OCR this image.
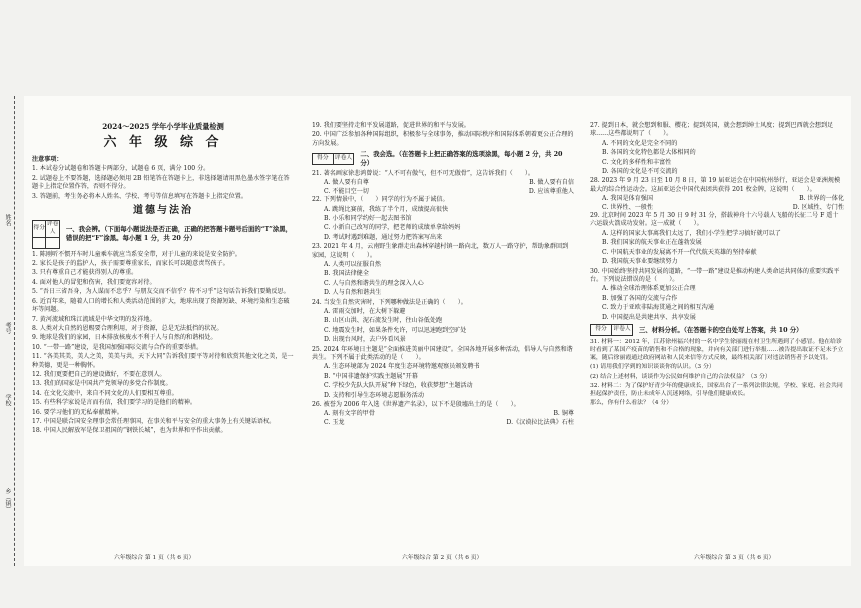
姓名
考号
学校
乡（镇）
2024～2025 学年小学毕业质量检测
六 年 级 综 合

注意事项：

1. 本试卷分试题卷和答题卡两部分，试题卷 6 页，满分 100 分。

2. 试题卷上不要答题，选择题必须用 2B 铅笔答在答题卡上，非选择题请用黑色墨水签字笔在答题卡上指定位置作答，否则不得分。

3. 答题前，考生务必将本人姓名、学校、考号等信息填写在答题卡上指定位置。

道德与法治
得分	评卷人
	一、我会辨。（下面每小题说法是否正确，正确的把答题卡题号后面的“T”涂黑，错误的把“F”涂黑。每小题 1 分，共 20 分）

1. 陈刚听不惯开车时儿童乘车就应当系安全带，对于儿童的来说是安全防护。

2. 家长是孩子的监护人，孩子需要尊重家长，而家长可以随意责骂孩子。

3. 只有尊重自己才能获得别人的尊重。

4. 面对他人的冒犯和伤害，我们要宽容对待。

5. “吾日三省吾身，为人谋而不忠乎？与朋友交而不信乎？传不习乎”这句话告诉我们要勤反思。

6. 近百年来，随着人口的增长和人类活动范围的扩大，地球出现了资源短缺、环境污染和生态破坏等问题。

7. 黄河流域和珠江流域是中华文明的发祥地。

8. 人类对大自然的恩赐要合理利用，对于资源，总是无法抵挡的状况。

9. 地球是我们的家园，日本排放核废水不利于人与自然的和谐相处。

10. “一带一路”建设，是我国加强国际交流与合作的重要举措。

11. “各美其美，美人之美，美美与共，天下大同”告诉我们要平等对待和欣赏其他文化之美，是一种美德，更是一种胸怀。

12. 我们更要把自己的建设做好，不要在意别人。

13. 我们的国家是中国共产党领导的多党合作制度。

14. 在文化交流中，来自不同文化的人们要相互尊重。

15. 有些科学家说是言而有信，我们要学习的是他们的精神。

16. 要学习他们的无私奉献精神。

17. 中国是联合国安全理事会常任理事国，在事关和平与安全的重大事务上有关键话语权。

18. 中国人民解放军是保卫祖国的“钢铁长城”，也为世界和平作出贡献。

六年级综合 第 1 页（共 6 页）

19. 我们要坚持走和平发展道路，促进世界的和平与发展。

20. 中国广泛参加各种国际组织，积极参与全球事务，推动国际秩序和国际体系朝着更公正合理的方向发展。

得分	评卷人 二、我会选。（在答题卡上把正确答案的选项涂黑，每小题 2 分，共 20 分）

21. 著名画家徐悲鸿曾说：“人不可有傲气，但不可无傲骨”，这告诉我们（　　）。

A. 做人要有自尊	B. 做人要有自信
C. 不能目空一切	D. 应该尊重他人

22. 下列情景中，（　　）同学的行为不属于诚信。

A. 跳绳比赛前，我练了半个月，成绩提高很快

B. 小乐和同学约好一起去图书馆

C. 小新自己改写的同学，把老师的成绩单拿给妈妈

D. 考试时遇到难题，通过努力把答案写出来

23. 2021 年 4 月，云南野生象群走出森林穿越村镇一路向北，数万人一路守护，帮助象群回到家园，这说明（　　）。

A. 人类可以征服自然

B. 我国法律健全

C. 人与自然和谐共生的理念深入人心

D. 人与自然和谐共生

24. 当发生自然灾害时，下列哪种做法是正确的（　　）。

A. 雷雨交加时，在大树下躲避

B. 山区山洪、泥石流发生时，往山谷低处跑

C. 地震发生时，如果条件允许，可以迅速跑到空旷处

D. 出现台风时，去户外看风景

25. 2024 年环境日主题是“全面推进美丽中国建设”。全国各地开展多种活动，倡导人与自然和谐共生。下列不属于此类活动的是（　　）。

A. 生态环境部为 2024 年度生态环境特邀观察员颁发聘书

B. “中国非遗保护实践主题展”开幕

C. 学校少先队大队开展“种下绿色，收获梦想”主题活动

D. 支持和引导生态环境志愿服务活动

26. 被誉为 2006 年入选《世界遗产名录》，以下不是殷墟出土的是（　　）。

A. 刻有文字的甲骨	B. 铜尊
C. 玉龙	D.《汉谟拉比法典》石柱
六年级综合 第 2 页（共 6 页）

27. 提到日本，就会想到和服、樱花；提到英国，就会想到绅士风度；提到巴西就会想到足球……这些都说明了（　　）。

A. 不同的文化是完全不同的

B. 各国的文化特色都是大体相同的

C. 文化的多样性和丰富性

D. 各国的文化是不可交流的

28. 2023 年 9 月 23 日至 10 月 8 日，第 19 届亚运会在中国杭州举行，亚运会是亚洲规模最大的综合性运动会。这届亚运会中国代表团共获得 201 枚金牌，这说明（　　）。

A. 我国是体育强国	B. 世界的一体化
C. 世界性、一般性	D. 区域性、专门性

29. 北京时间 2023 年 5 月 30 日 9 时 31 分，搭载神舟十六号载人飞船的长征二号 F 遥十六运载火箭成功发射。这一成就（　　）。

A. 这样的国家大事离我们太远了，我们小学生把学习搞好就可以了

B. 我们国家的航天事业正在蓬勃发展

C. 中国航天事业的发展离不开一代代航天英雄的坚持奉献

D. 我国航天事业要继续努力

30. 中国始终坚持共同发展的道路，“一带一路”建设是推动构建人类命运共同体的重要实践平台。下列说法错误的是（　　）。

A. 推动全球治理体系更加公正合理

B. 加强了各国的交流与合作

C. 致力于亚欧非陆海贯通之间的相互沟通

D. 中国提出是共建共享、共享发展

得分	评卷人 三、材料分析。（在答题卡的空白处写上答案，共 10 分）

31. 材料一：2012 年，江苏徐州福兴村的一名中学生徐丽霞在村卫生所遇到了小感冒。他在给诊时看到了某国产疫苗的销售和不合格的现象，并向有关部门进行举报……被告提出取证不足未予立案，随后徐丽霞通过政府网站和人民来信等方式反映，最终相关部门对违法销售者予以处罚。

(1) 请用我们学到的知识谈谈你的认识。（3 分）

(2) 结合上述材料，谈谈作为公民如何维护自己的合法权益？（3 分）

32. 材料二：为了保护好青少年的健康成长，国家出台了一系列法律法规，学校、家庭、社会共同担起保护责任，防止未成年人沉迷网络，引导他们健康成长。

那么，你有什么看法？（4 分）

六年级综合 第 3 页（共 6 页）
